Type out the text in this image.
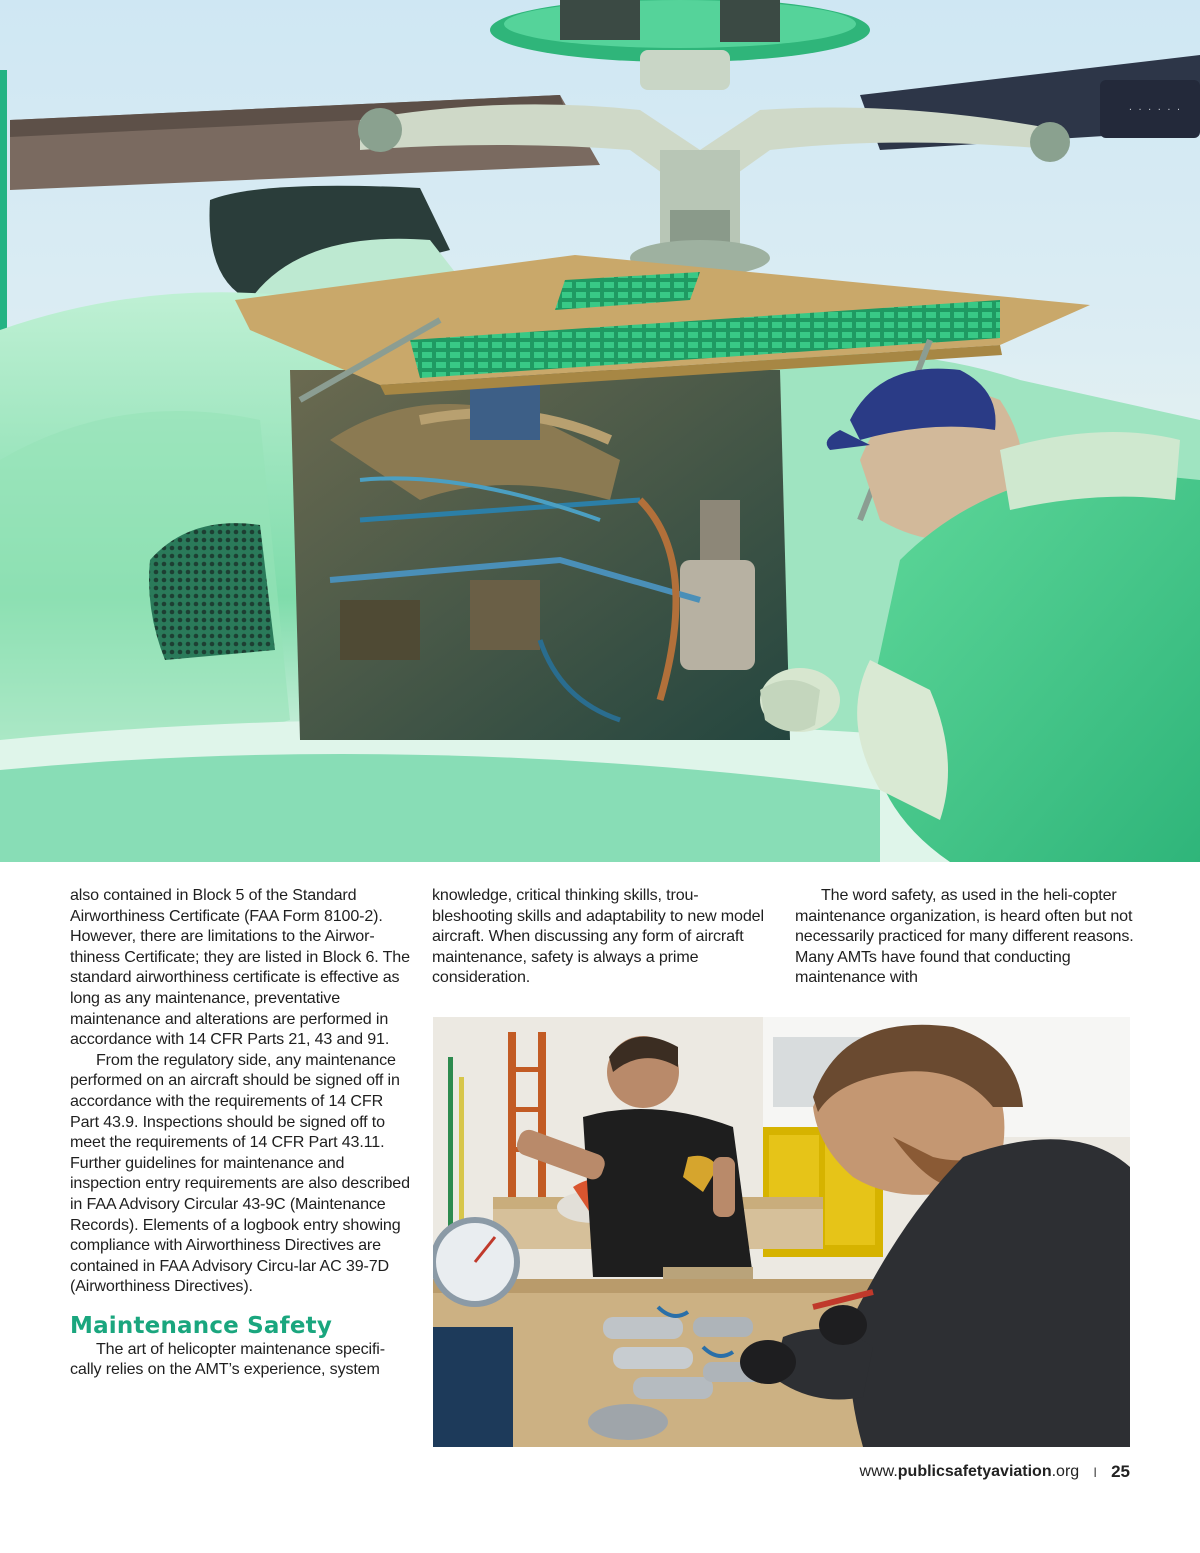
· · · · · ·

also contained in Block 5 of the Standard Airworthiness Certificate (FAA Form 8100-2). However, there are limitations to the Airwor-thiness Certificate; they are listed in Block 6. The standard airworthiness certificate is effective as long as any maintenance, preventative maintenance and alterations are performed in accordance with 14 CFR Parts 21, 43 and 91.

From the regulatory side, any maintenance performed on an aircraft should be signed off in accordance with the requirements of 14 CFR Part 43.9. Inspections should be signed off to meet the requirements of 14 CFR Part 43.11. Further guidelines for maintenance and inspection entry requirements are also described in FAA Advisory Circular 43-9C (Maintenance Records). Elements of a logbook entry showing compliance with Airworthiness Directives are contained in FAA Advisory Circu-lar AC 39-7D (Airworthiness Directives).

Maintenance Safety

The art of helicopter maintenance specifi-cally relies on the AMT’s experience, system

knowledge, critical thinking skills, trou-bleshooting skills and adaptability to new model aircraft. When discussing any form of aircraft maintenance, safety is always a prime consideration.

The word safety, as used in the heli-copter maintenance organization, is heard often but not necessarily practiced for many different reasons. Many AMTs have found that conducting maintenance with

www.publicsafetyaviation.org I 25
